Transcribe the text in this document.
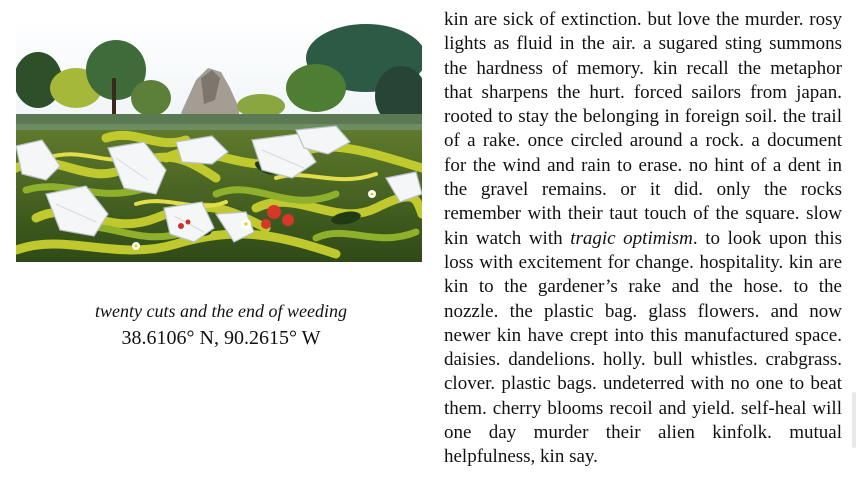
twenty cuts and the end of weeding
38.6106° N, 90.2615° W
kin are sick of extinction. but love the murder. rosy lights as fluid in the air. a sugared sting summons the hardness of memory. kin recall the metaphor that sharpens the hurt. forced sailors from japan. rooted to stay the belonging in foreign soil. the trail of a rake. once circled around a rock. a document for the wind and rain to erase. no hint of a dent in the gravel remains. or it did. only the rocks remember with their taut touch of the square. slow kin watch with tragic optimism. to look upon this loss with excitement for change. hospitality. kin are kin to the gardener’s rake and the hose. to the nozzle. the plastic bag. glass flowers. and now newer kin have crept into this manufactured space. daisies. dandelions. holly. bull whistles. crabgrass. clover. plastic bags. undeterred with no one to beat them. cherry blooms recoil and yield. self-heal will one day murder their alien kinfolk. mutual helpfulness, kin say.
